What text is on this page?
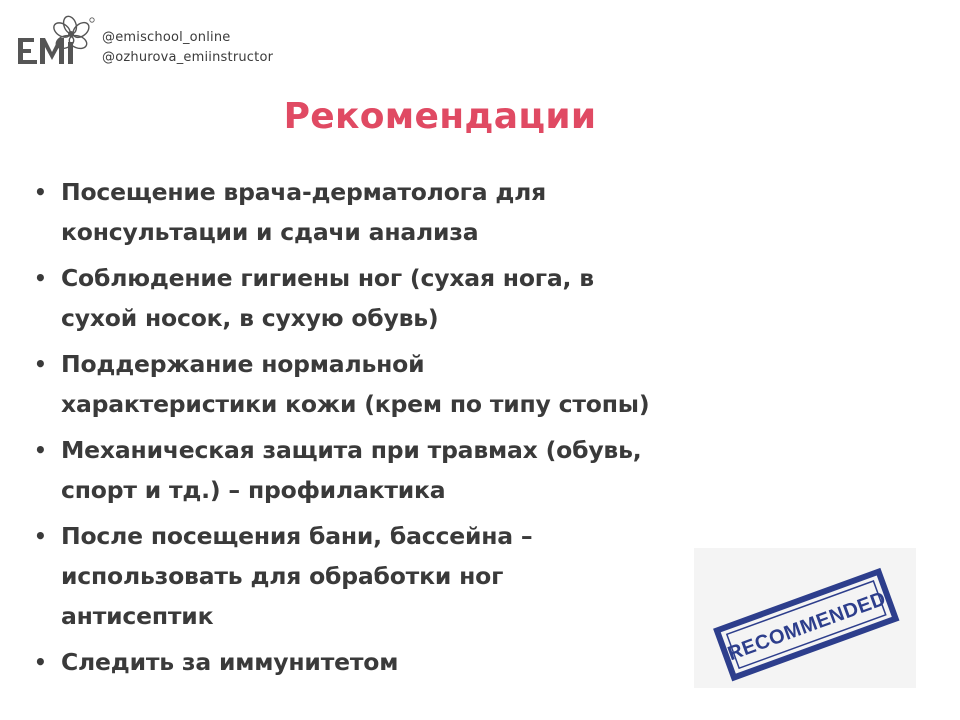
@emischool_online
@ozhurova_emiinstructor
Рекомендации
• Посещение врача-дерматолога для
консультации и сдачи анализа
• Соблюдение гигиены ног (сухая нога, в
сухой носок, в сухую обувь)
• Поддержание нормальной
характеристики кожи (крем по типу стопы)
• Механическая защита при травмах (обувь,
спорт и тд.) – профилактика
• После посещения бани, бассейна –
использовать для обработки ног
антисептик
• Следить за иммунитетом	RECOMMENDED
